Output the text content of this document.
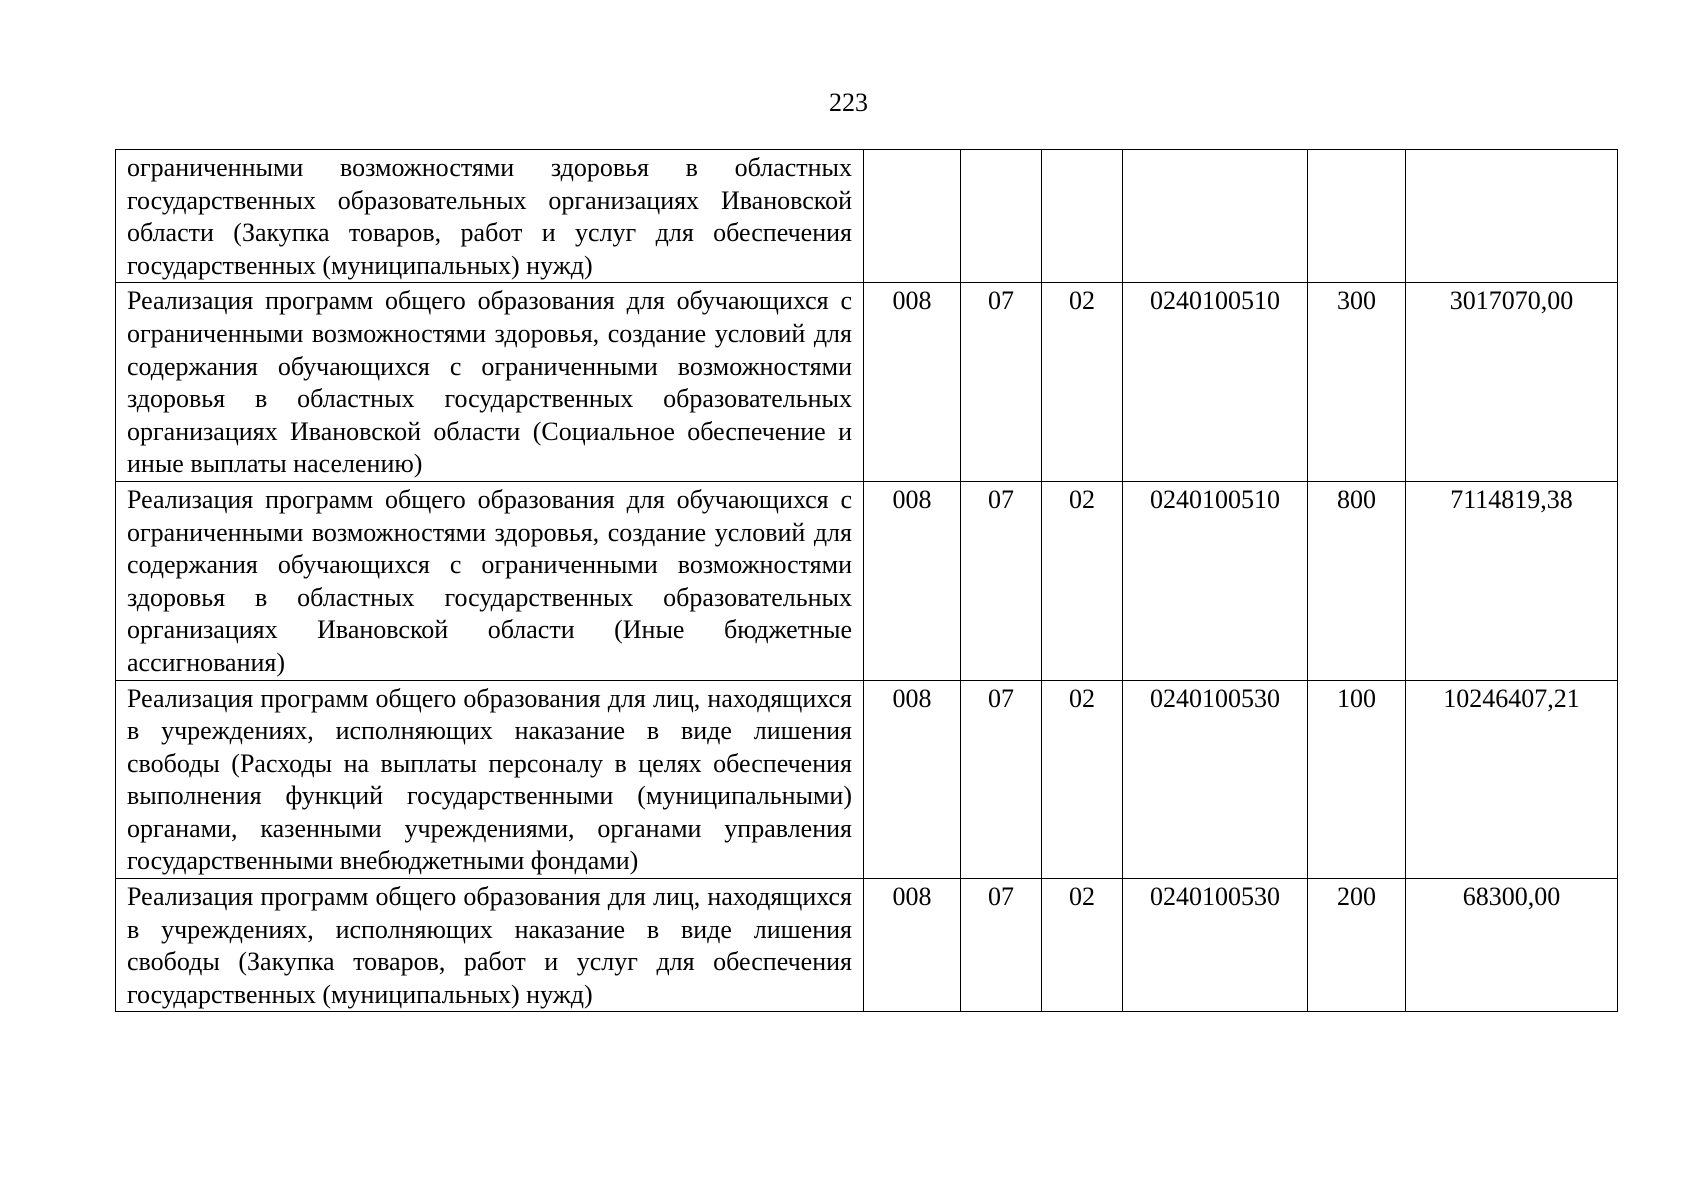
223
ограниченными возможностями здоровья в областных государственных образовательных организациях Ивановской области (Закупка товаров, работ и услуг для обеспечения государственных (муниципальных) нужд)						
Реализация программ общего образования для обучающихся с ограниченными возможностями здоровья, создание условий для содержания обучающихся с ограниченными возможностями здоровья в областных государственных образовательных организациях Ивановской области (Социальное обеспечение и иные выплаты населению)	008	07	02	0240100510	300	3017070,00
Реализация программ общего образования для обучающихся с ограниченными возможностями здоровья, создание условий для содержания обучающихся с ограниченными возможностями здоровья в областных государственных образовательных организациях Ивановской области (Иные бюджетные ассигнования)	008	07	02	0240100510	800	7114819,38
Реализация программ общего образования для лиц, находящихся в учреждениях, исполняющих наказание в виде лишения свободы (Расходы на выплаты персоналу в целях обеспечения выполнения функций государственными (муниципальными) органами, казенными учреждениями, органами управления государственными внебюджетными фондами)	008	07	02	0240100530	100	10246407,21
Реализация программ общего образования для лиц, находящихся в учреждениях, исполняющих наказание в виде лишения свободы (Закупка товаров, работ и услуг для обеспечения государственных (муниципальных) нужд)	008	07	02	0240100530	200	68300,00
